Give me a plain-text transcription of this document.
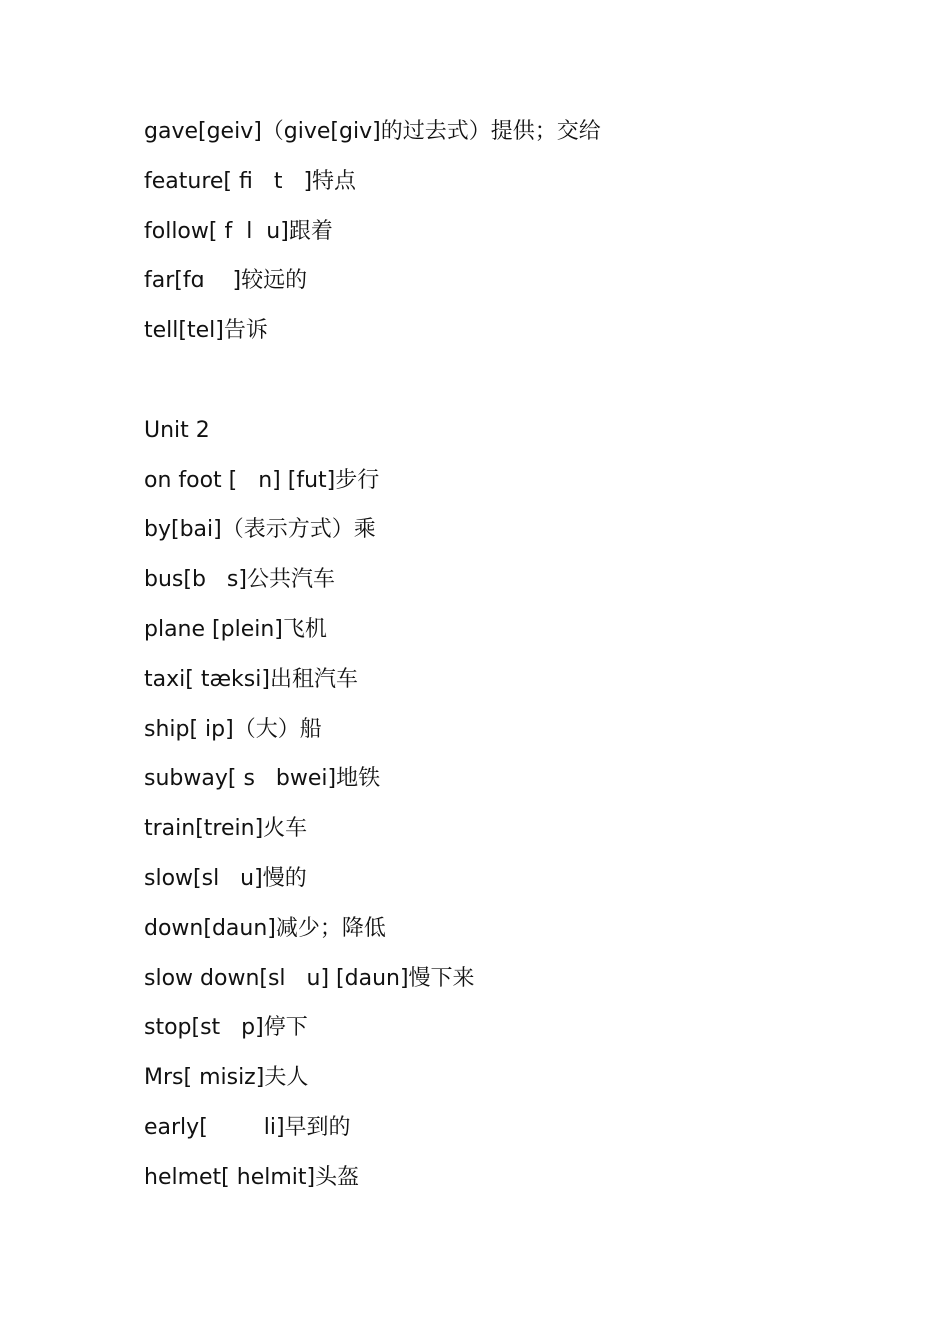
gave[geiv]（give[giv]的过去式）提供；交给
feature[ fi   t   ]特点
follow[ f  l  u]跟着
far[fɑ    ]较远的
tell[tel]告诉
Unit 2
on foot [   n] [fut]步行
by[bai]（表示方式）乘
bus[b   s]公共汽车
plane [plein]飞机
taxi[ tæksi]出租汽车
ship[ ip]（大）船
subway[ s   bwei]地铁
train[trein]火车
slow[sl   u]慢的
down[daun]减少；降低
slow down[sl   u] [daun]慢下来
stop[st   p]停下
Mrs[ misiz]夫人
early[        li]早到的
helmet[ helmit]头盔
